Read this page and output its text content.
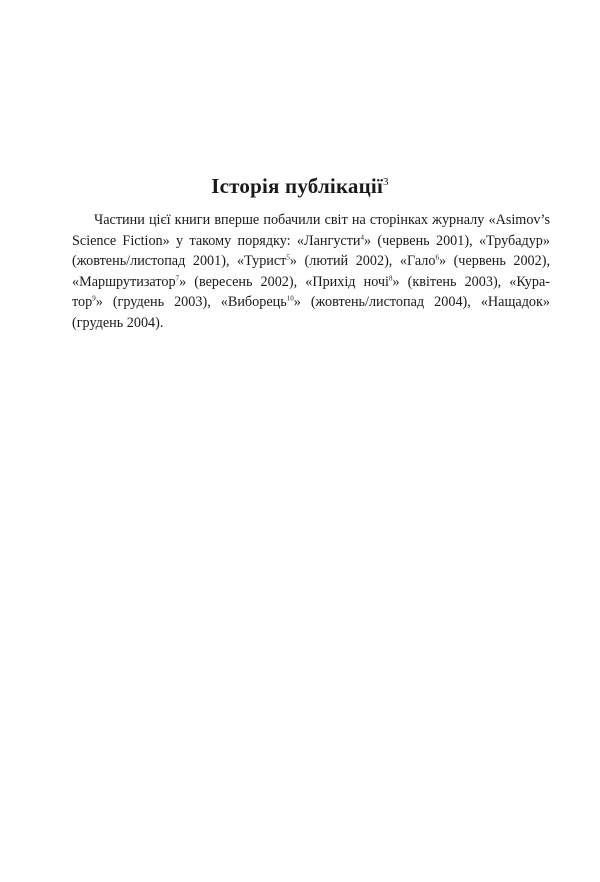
Історія публікації$^3$
Частини цієї книги вперше побачили світ на сторінках журналу «Asimov’s
Science Fiction» у такому порядку: «Лангусти$^4$» (червень 2001), «Трубадур»
(жовтень/листопад 2001), «Турист$^5$» (лютий 2002), «Гало$^6$» (червень 2002),
«Маршрутизатор$^7$» (вересень 2002), «Прихід ночі$^8$» (квітень 2003), «Кура-
тор$^9$» (грудень 2003), «Виборець$^{10}$» (жовтень/листопад 2004), «Нащадок»
(грудень 2004).
